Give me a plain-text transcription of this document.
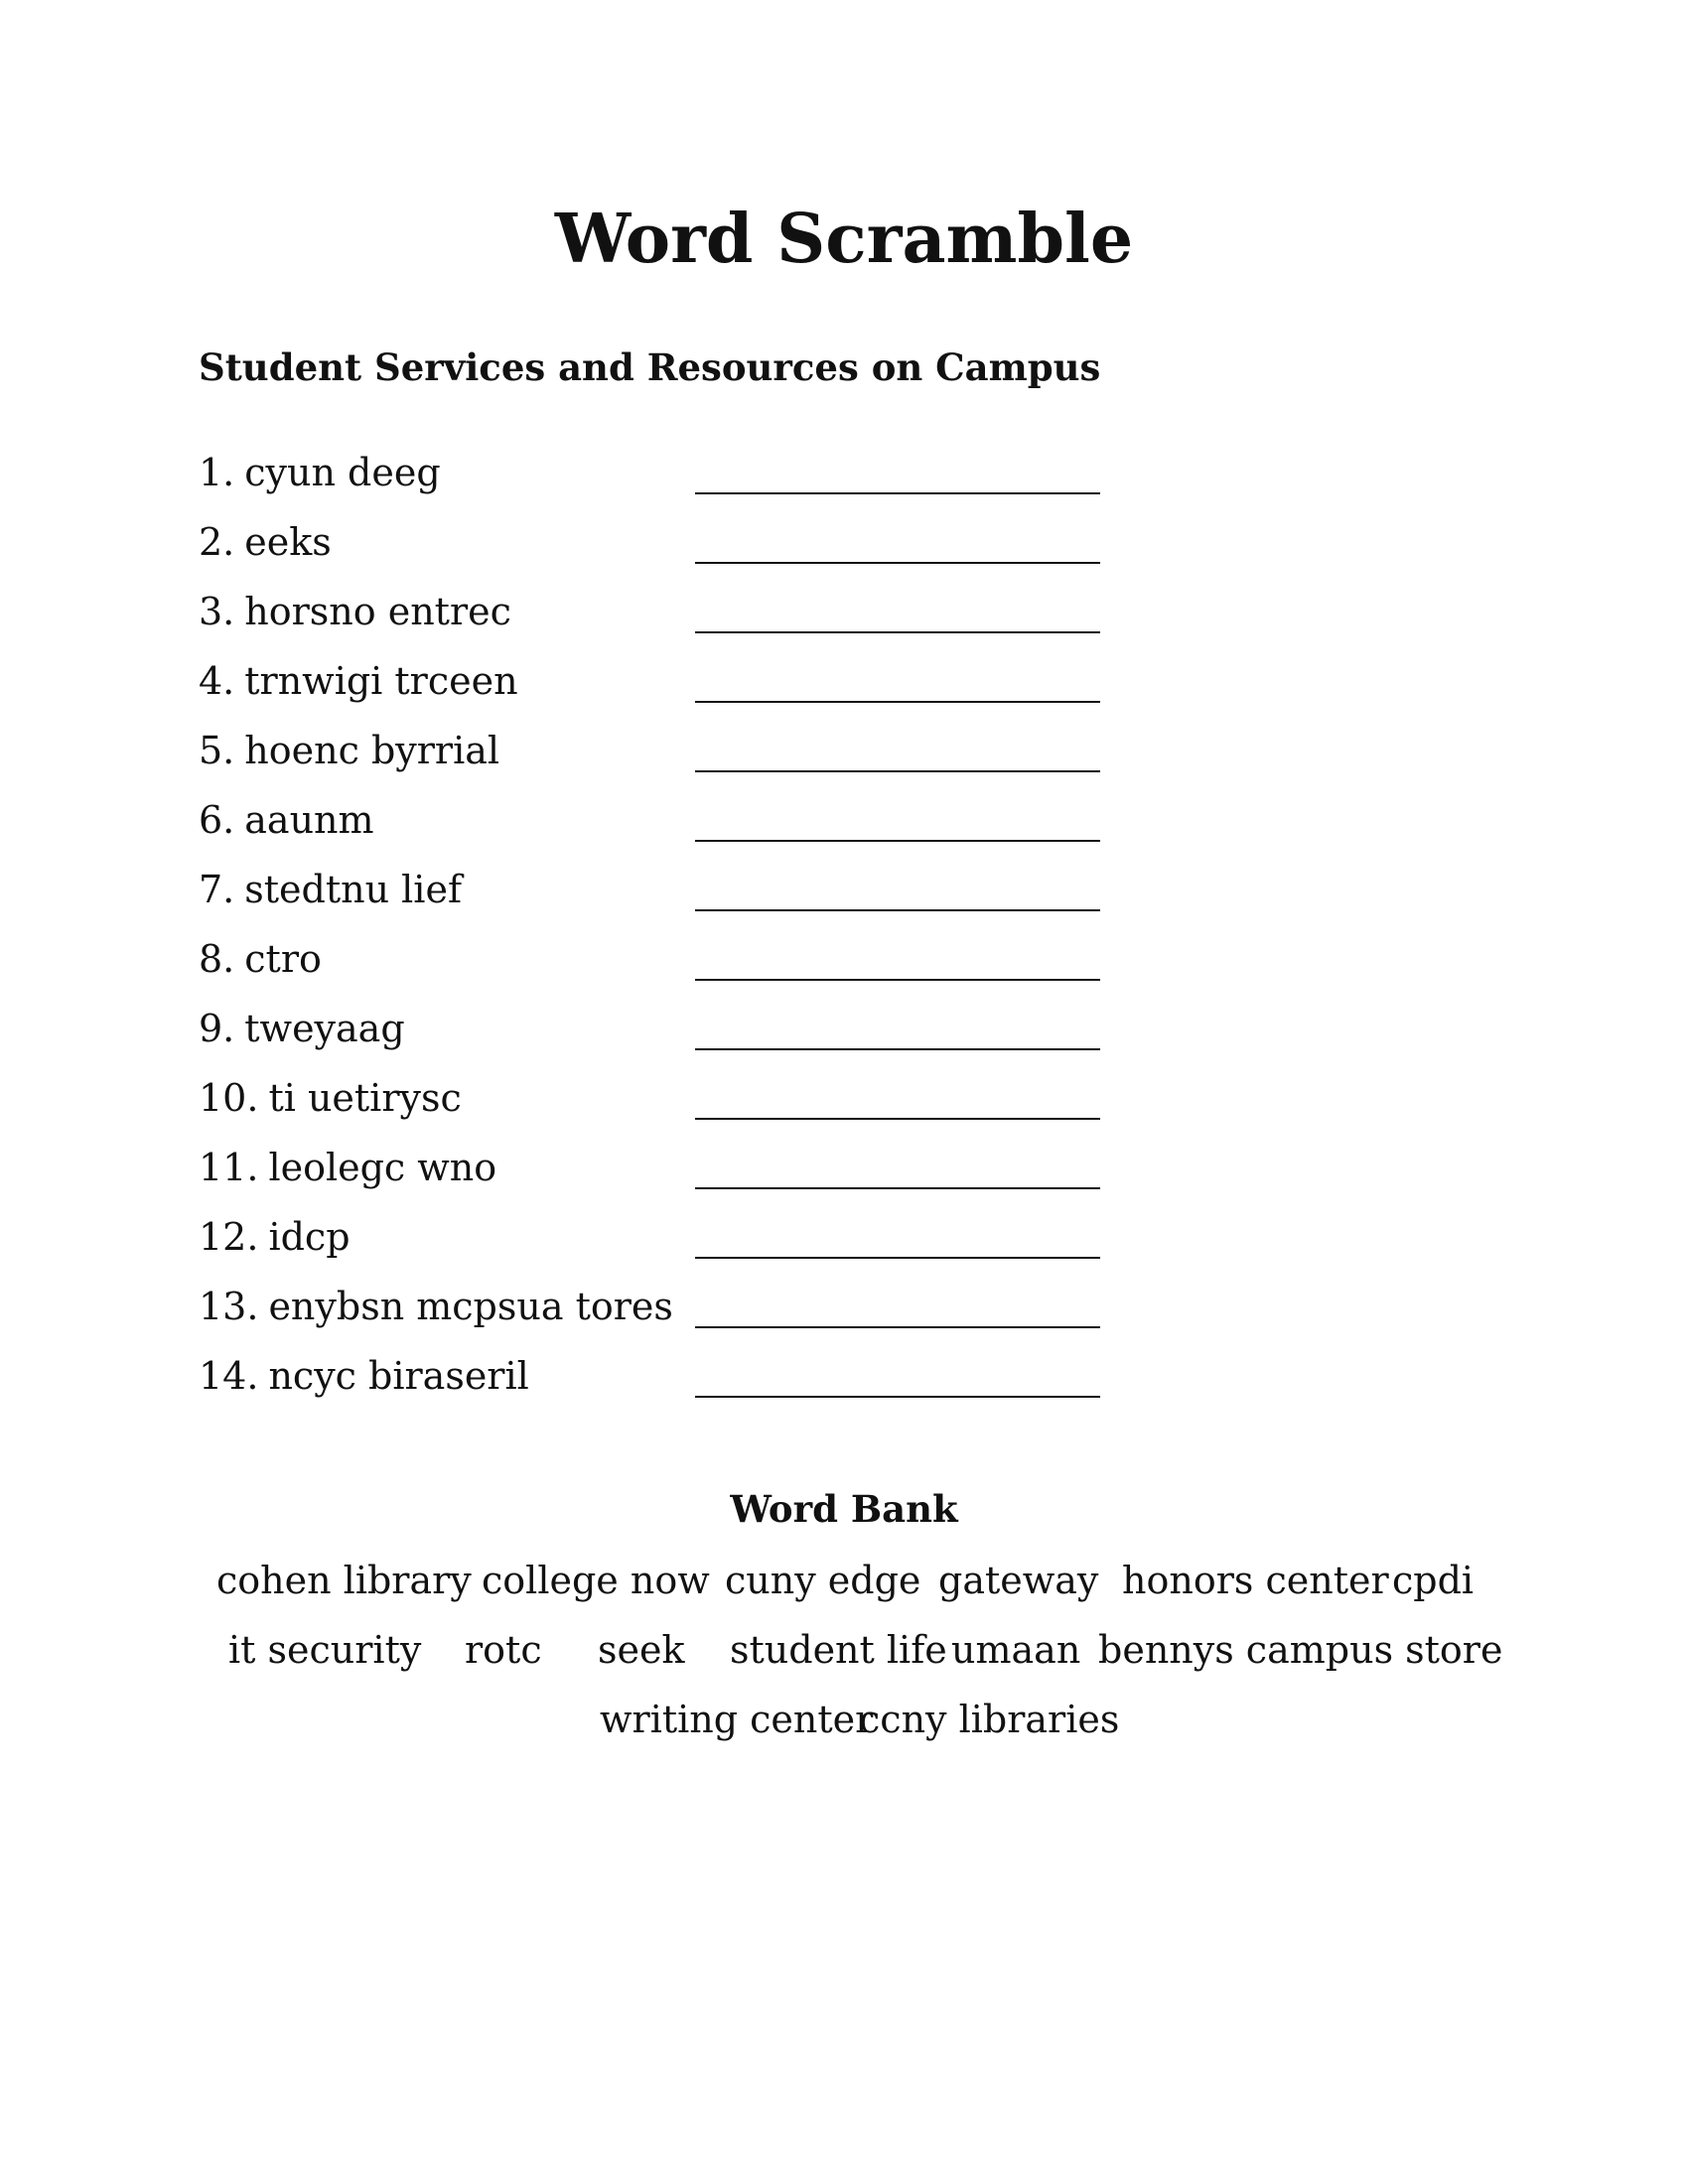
Word Scramble
Student Services and Resources on Campus
1. cyun deeg
2. eeks
3. horsno entrec
4. trnwigi trceen
5. hoenc byrrial
6. aaunm
7. stedtnu lief
8. ctro
9. tweyaag
10. ti uetirysc
11. leolegc wno
12. idcp
13. enybsn mcpsua tores
14. ncyc biraseril
Word Bank
cohen library college now cuny edge gateway honors center cpdi
it security rotc seek student life umaan bennys campus store
writing center
ccny libraries
